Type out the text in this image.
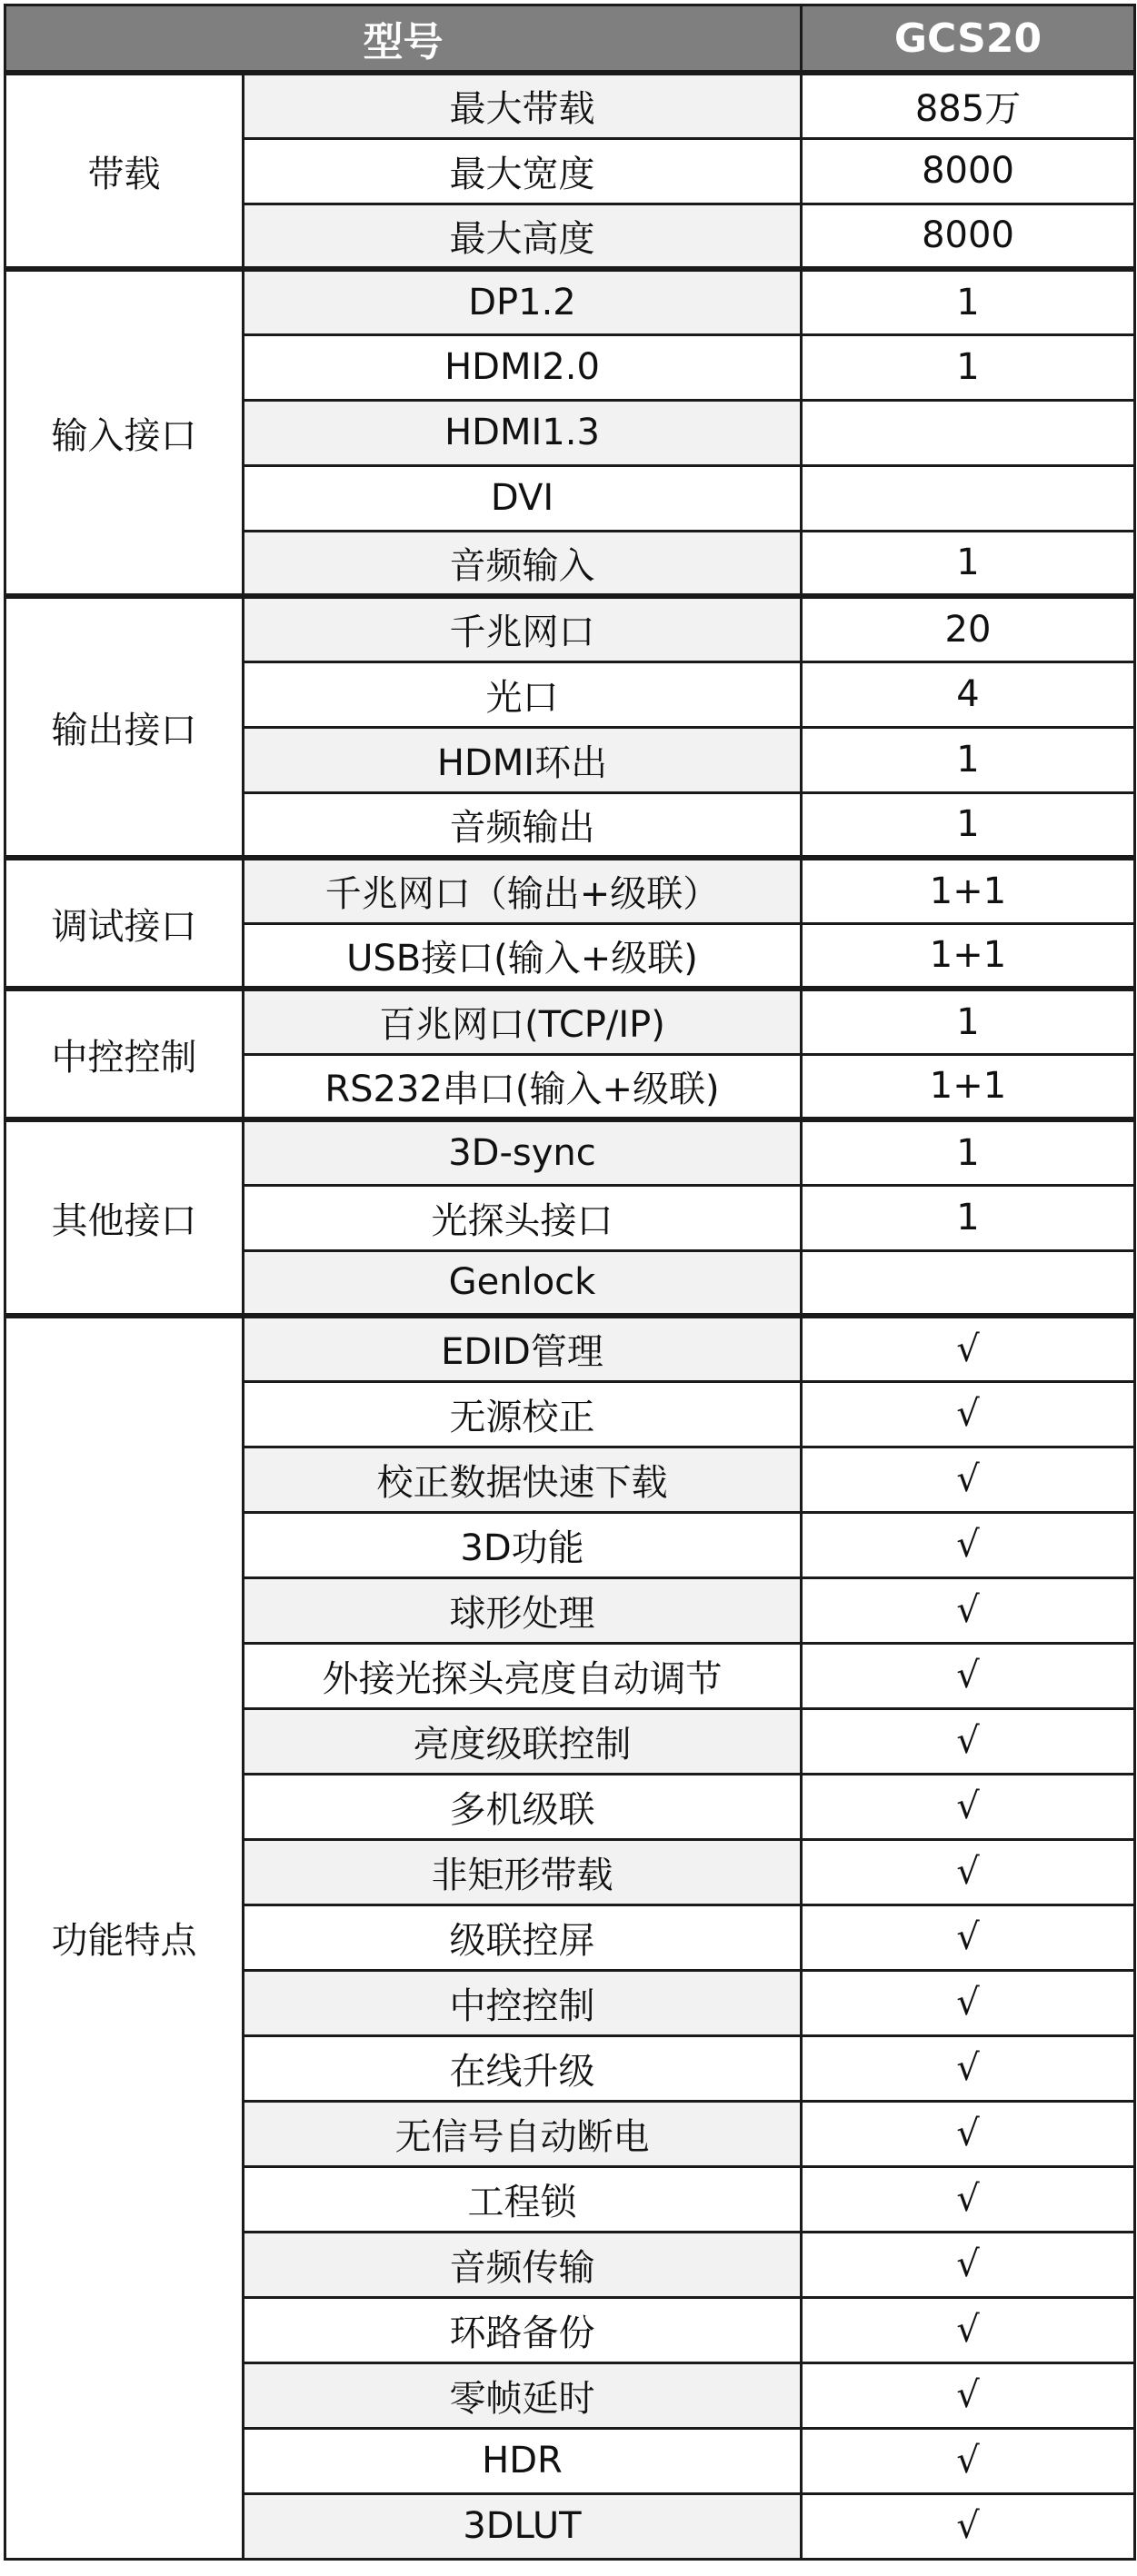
型号		GCS20
带载	最大带载	885万
	最大宽度	8000
	最大高度	8000
输入接口	DP1.2	1
	HDMI2.0	1
	HDMI1.3	
	DVI	
	音频输入	1
输出接口	千兆网口	20
	光口	4
	HDMI环出	1
	音频输出	1
调试接口	千兆网口（输出+级联）	1+1
	USB接口(输入+级联)	1+1
中控控制	百兆网口(TCP/IP)	1
	RS232串口(输入+级联)	1+1
其他接口	3D-sync	1
	光探头接口	1
	Genlock	
功能特点	EDID管理	√
	无源校正	√
	校正数据快速下载	√
	3D功能	√
	球形处理	√
	外接光探头亮度自动调节	√
	亮度级联控制	√
	多机级联	√
	非矩形带载	√
	级联控屏	√
	中控控制	√
	在线升级	√
	无信号自动断电	√
	工程锁	√
	音频传输	√
	环路备份	√
	零帧延时	√
	HDR	√
	3DLUT	√
